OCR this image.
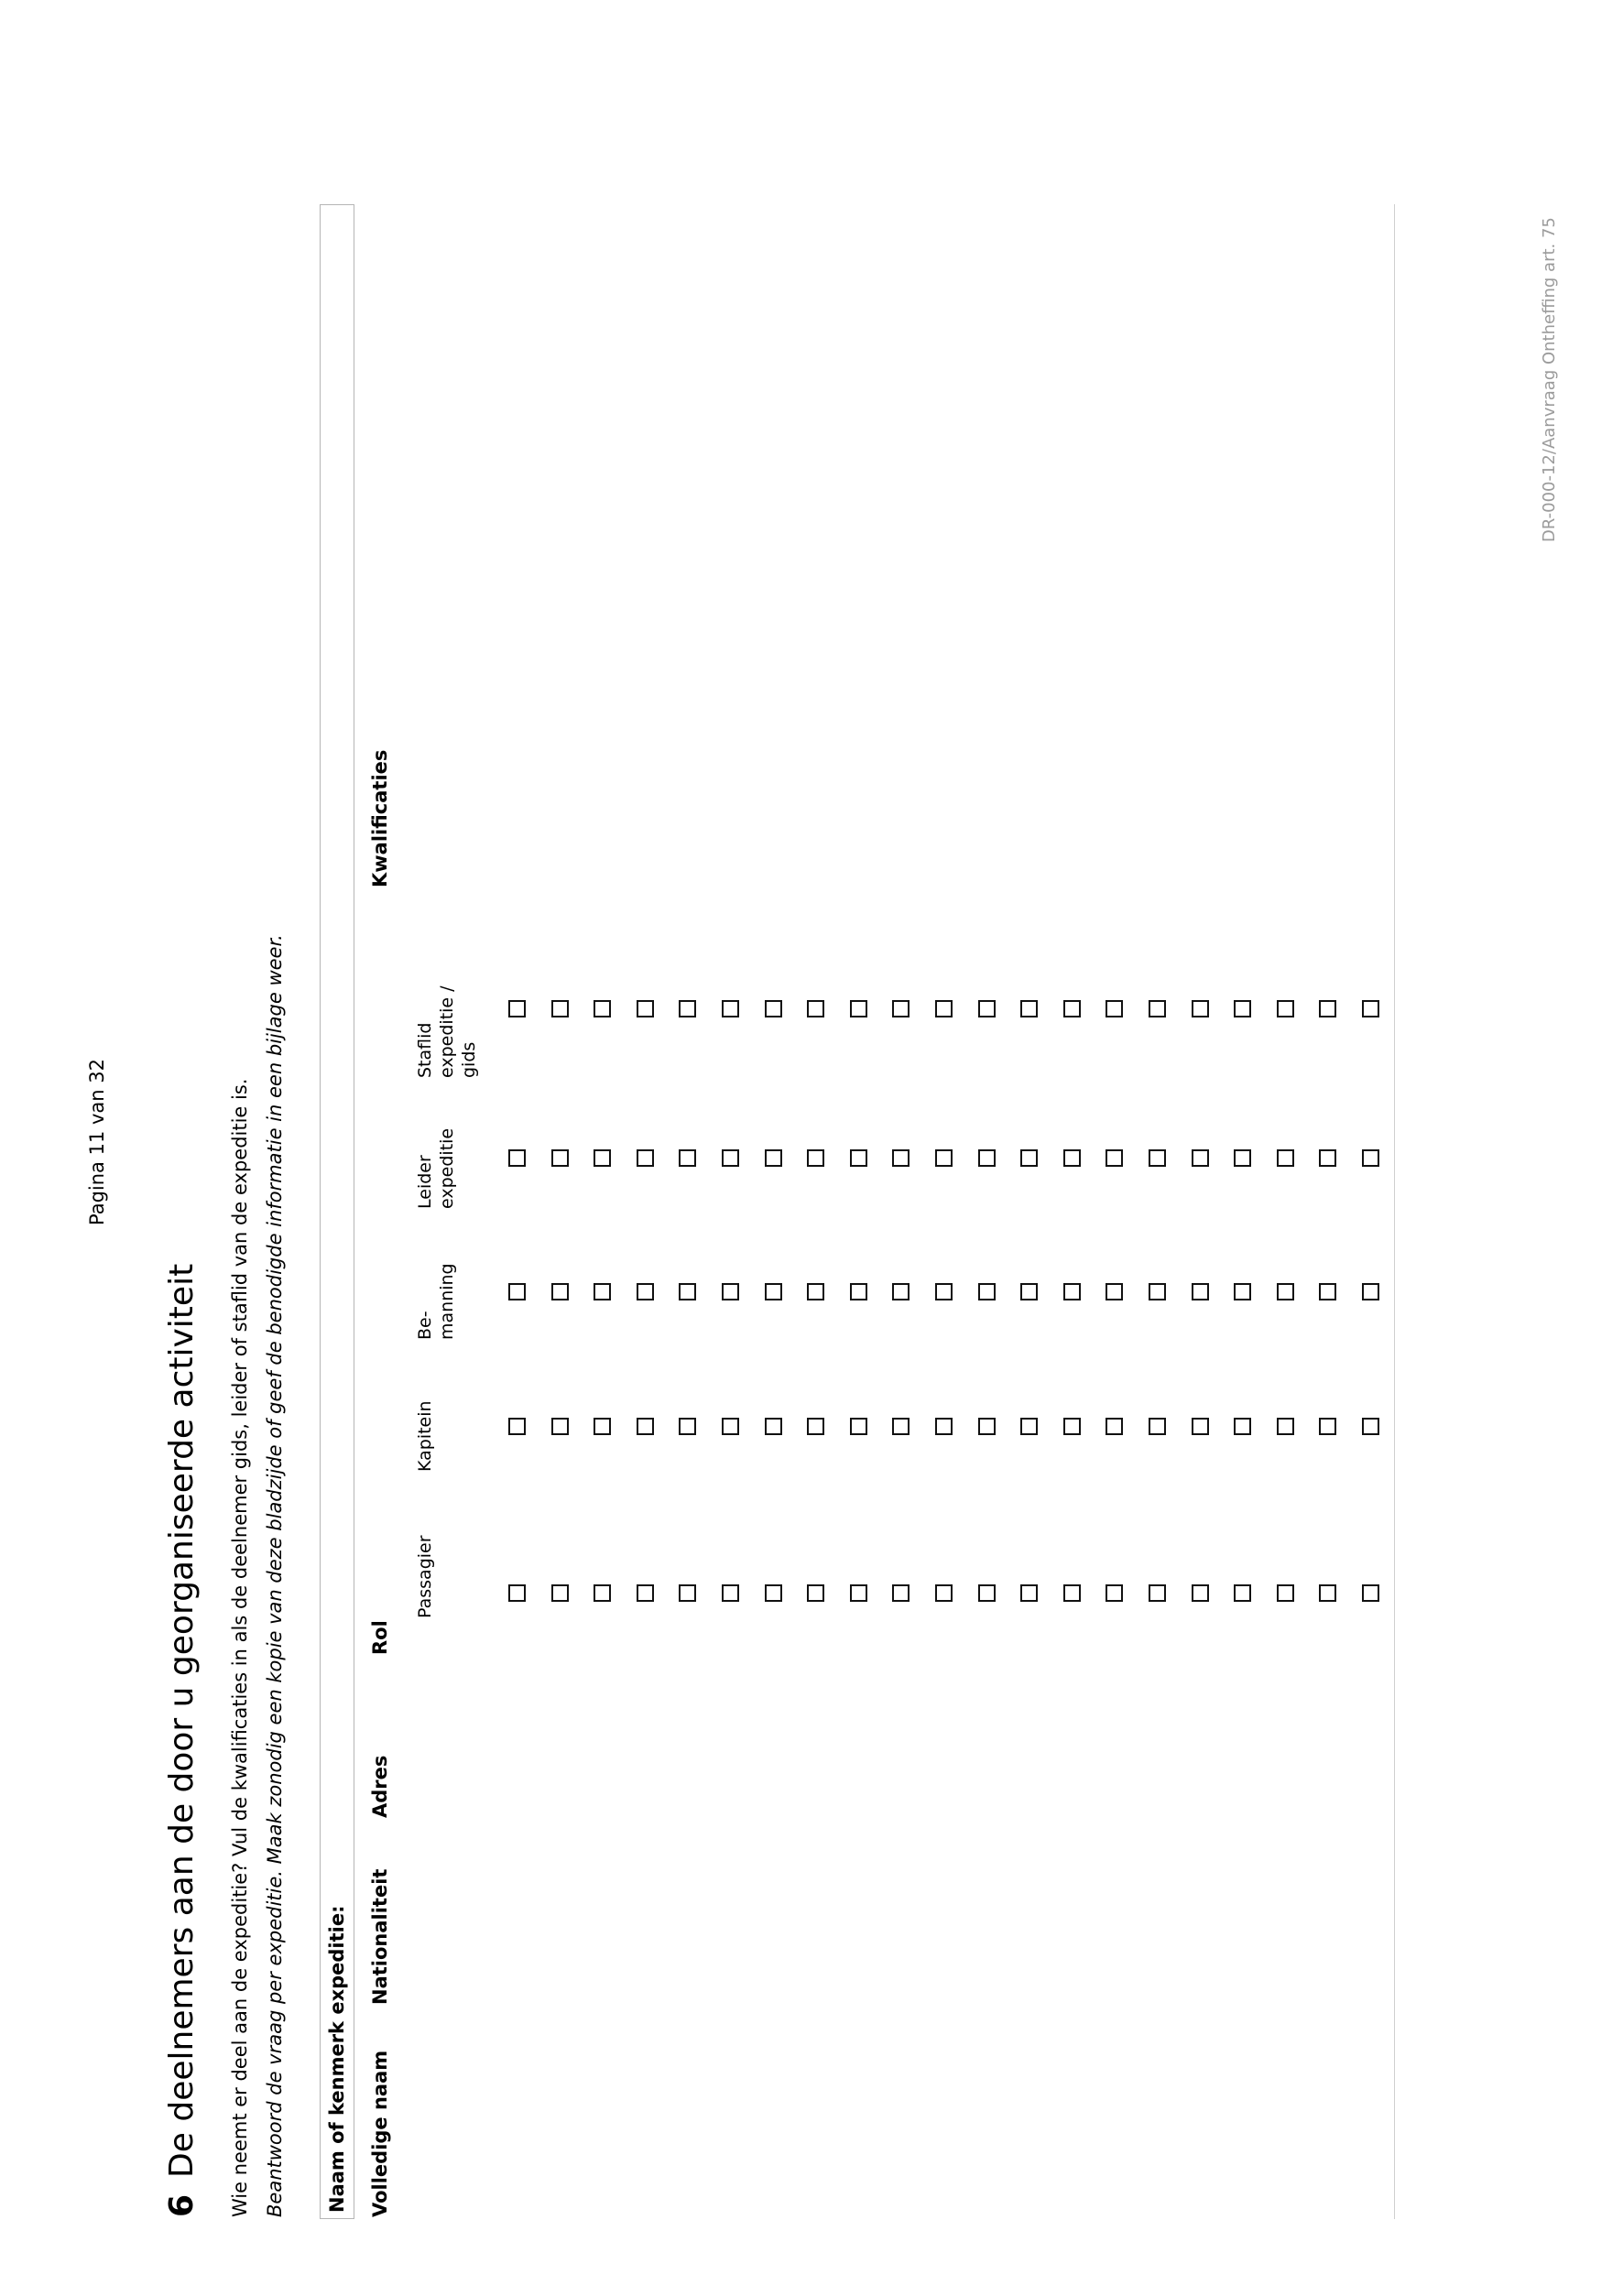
Pagina 11 van 32
6De deelnemers aan de door u georganiseerde activiteit Wie neemt er deel aan de expeditie? Vul de kwalificaties in als de deelnemer gids, leider of staflid van de expeditie is. Beantwoord de vraag per expeditie. Maak zonodig een kopie van deze bladzijde of geef de benodigde informatie in een bijlage weer. Naam of kenmerk expeditie: Volledige naam
Nationaliteit
Adres
Rol
Kwalificaties
Passagier
Kapitein
Be-
manning
Leider
expeditie
Staflid
expeditie /
gids
DR-000-12/Aanvraag Ontheffing art. 75
